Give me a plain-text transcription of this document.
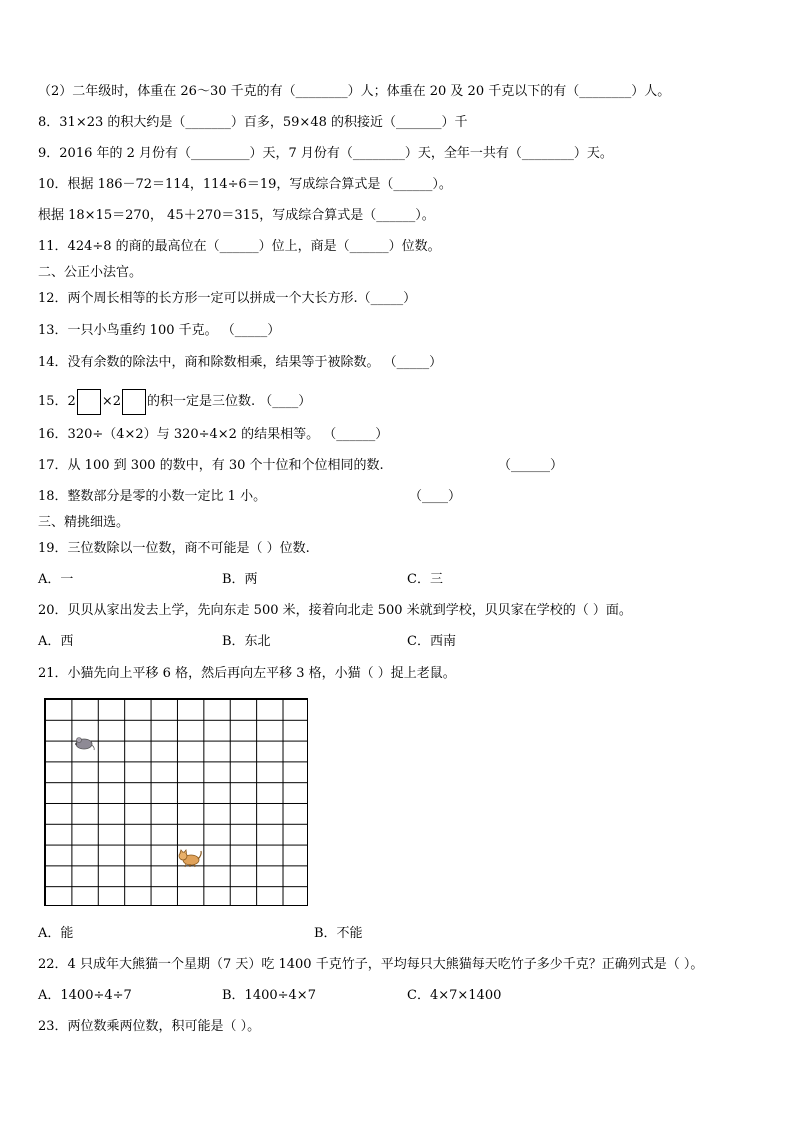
（2）二年级时，体重在 26～30 千克的有（________）人；体重在 20 及 20 千克以下的有（________）人。
8．31×23 的积大约是（_______）百多，59×48 的积接近（_______）千
9．2016 年的 2 月份有（_________）天，7 月份有（________）天，全年一共有（________）天。
10．根据 186－72＝114，114÷6＝19，写成综合算式是（______）。
根据 18×15＝270， 45＋270＝315，写成综合算式是（______）。
11．424÷8 的商的最高位在（______）位上，商是（______）位数。
二、公正小法官。
12．两个周长相等的长方形一定可以拼成一个大长方形.（_____）
13．一只小鸟重约 100 千克。 （_____）
14．没有余数的除法中，商和除数相乘，结果等于被除数。 （_____）
15．2 ×2 的积一定是三位数. （____）
16．320÷（4×2）与 320÷4×2 的结果相等。 （______）
17．从 100 到 300 的数中，有 30 个十位和个位相同的数.	（______）
18．整数部分是零的小数一定比 1 小。	（____）
三、精挑细选。
19．三位数除以一位数，商不可能是（ ）位数.
A．一	B．两	C．三
20．贝贝从家出发去上学，先向东走 500 米，接着向北走 500 米就到学校，贝贝家在学校的（ ）面。
A．西	B．东北	C．西南
21．小猫先向上平移 6 格，然后再向左平移 3 格，小猫（ ）捉上老鼠。
A．能	B．不能
22．4 只成年大熊猫一个星期（7 天）吃 1400 千克竹子，平均每只大熊猫每天吃竹子多少千克？正确列式是（ ）。
A．1400÷4÷7	B．1400÷4×7	C．4×7×1400
23．两位数乘两位数，积可能是（ ）。
